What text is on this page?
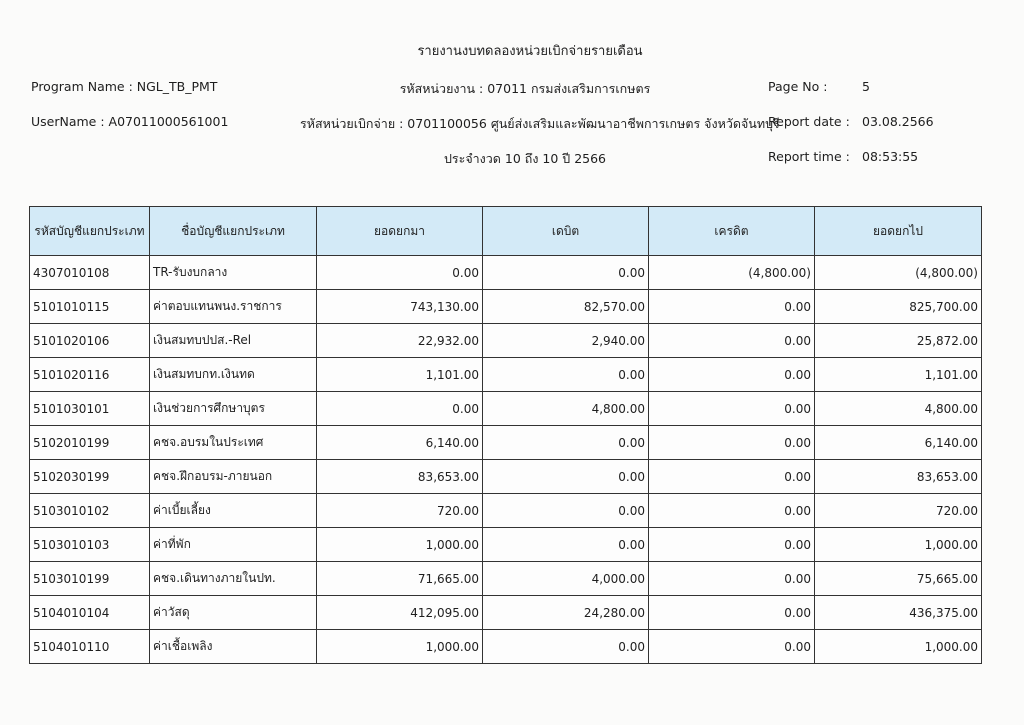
รายงานงบทดลองหน่วยเบิกจ่ายรายเดือน
Program Name : NGL_TB_PMT	รหัสหน่วยงาน : 07011 กรมส่งเสริมการเกษตร	Page No :	5
UserName : A07011000561001	รหัสหน่วยเบิกจ่าย : 0701100056 ศูนย์ส่งเสริมและพัฒนาอาชีพการเกษตร จังหวัดจันทบุรี
Report date : 03.08.2566
ประจำงวด 10 ถึง 10 ปี 2566	Report time : 08:53:55
รหัสบัญชีแยกประเภท	ชื่อบัญชีแยกประเภท	ยอดยกมา	เดบิต	เครดิต	ยอดยกไป
4307010108	TR-รับงบกลาง	0.00	0.00	(4,800.00)	(4,800.00)
5101010115	ค่าตอบแทนพนง.ราชการ	743,130.00	82,570.00	0.00	825,700.00
5101020106	เงินสมทบปปส.-Rel	22,932.00	2,940.00	0.00	25,872.00
5101020116	เงินสมทบกท.เงินทด	1,101.00	0.00	0.00	1,101.00
5101030101	เงินช่วยการศึกษาบุตร	0.00	4,800.00	0.00	4,800.00
5102010199	คชจ.อบรมในประเทศ	6,140.00	0.00	0.00	6,140.00
5102030199	คชจ.ฝึกอบรม-ภายนอก	83,653.00	0.00	0.00	83,653.00
5103010102	ค่าเบี้ยเลี้ยง	720.00	0.00	0.00	720.00
5103010103	ค่าที่พัก	1,000.00	0.00	0.00	1,000.00
5103010199	คชจ.เดินทางภายในปท.	71,665.00	4,000.00	0.00	75,665.00
5104010104	ค่าวัสดุ	412,095.00	24,280.00	0.00	436,375.00
5104010110	ค่าเชื้อเพลิง	1,000.00	0.00	0.00	1,000.00
